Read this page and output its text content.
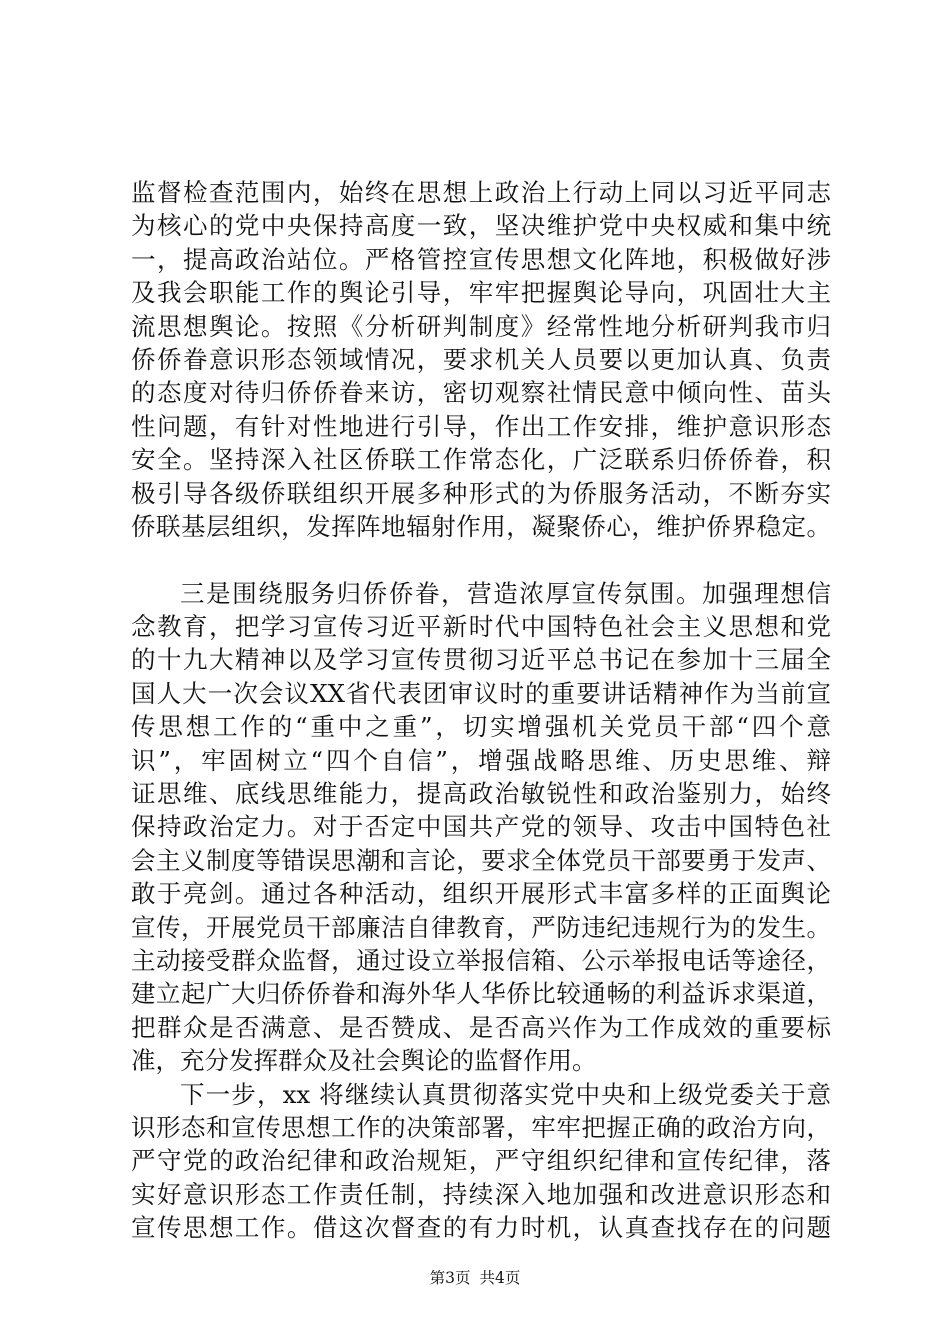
监督检查范围内，始终在思想上政治上行动上同以习近平同志
为核心的党中央保持高度一致，坚决维护党中央权威和集中统
一，提高政治站位。严格管控宣传思想文化阵地，积极做好涉
及我会职能工作的舆论引导，牢牢把握舆论导向，巩固壮大主
流思想舆论。按照《分析研判制度》经常性地分析研判我市归
侨侨眷意识形态领域情况，要求机关人员要以更加认真、负责
的态度对待归侨侨眷来访，密切观察社情民意中倾向性、苗头
性问题，有针对性地进行引导，作出工作安排，维护意识形态
安全。坚持深入社区侨联工作常态化，广泛联系归侨侨眷，积
极引导各级侨联组织开展多种形式的为侨服务活动，不断夯实
侨联基层组织，发挥阵地辐射作用，凝聚侨心，维护侨界稳定。
三是围绕服务归侨侨眷，营造浓厚宣传氛围。加强理想信
念教育，把学习宣传习近平新时代中国特色社会主义思想和党
的十九大精神以及学习宣传贯彻习近平总书记在参加十三届全
国人大一次会议XX省代表团审议时的重要讲话精神作为当前宣
传思想工作的“重中之重”，切实增强机关党员干部“四个意
识”，牢固树立“四个自信”，增强战略思维、历史思维、辩
证思维、底线思维能力，提高政治敏锐性和政治鉴别力，始终
保持政治定力。对于否定中国共产党的领导、攻击中国特色社
会主义制度等错误思潮和言论，要求全体党员干部要勇于发声、
敢于亮剑。通过各种活动，组织开展形式丰富多样的正面舆论
宣传，开展党员干部廉洁自律教育，严防违纪违规行为的发生。
主动接受群众监督，通过设立举报信箱、公示举报电话等途径，
建立起广大归侨侨眷和海外华人华侨比较通畅的利益诉求渠道，
把群众是否满意、是否赞成、是否高兴作为工作成效的重要标
准，充分发挥群众及社会舆论的监督作用。
下一步，xx 将继续认真贯彻落实党中央和上级党委关于意
识形态和宣传思想工作的决策部署，牢牢把握正确的政治方向，
严守党的政治纪律和政治规矩，严守组织纪律和宣传纪律，落
实好意识形态工作责任制，持续深入地加强和改进意识形态和
宣传思想工作。借这次督查的有力时机，认真查找存在的问题
第3页 共4页
